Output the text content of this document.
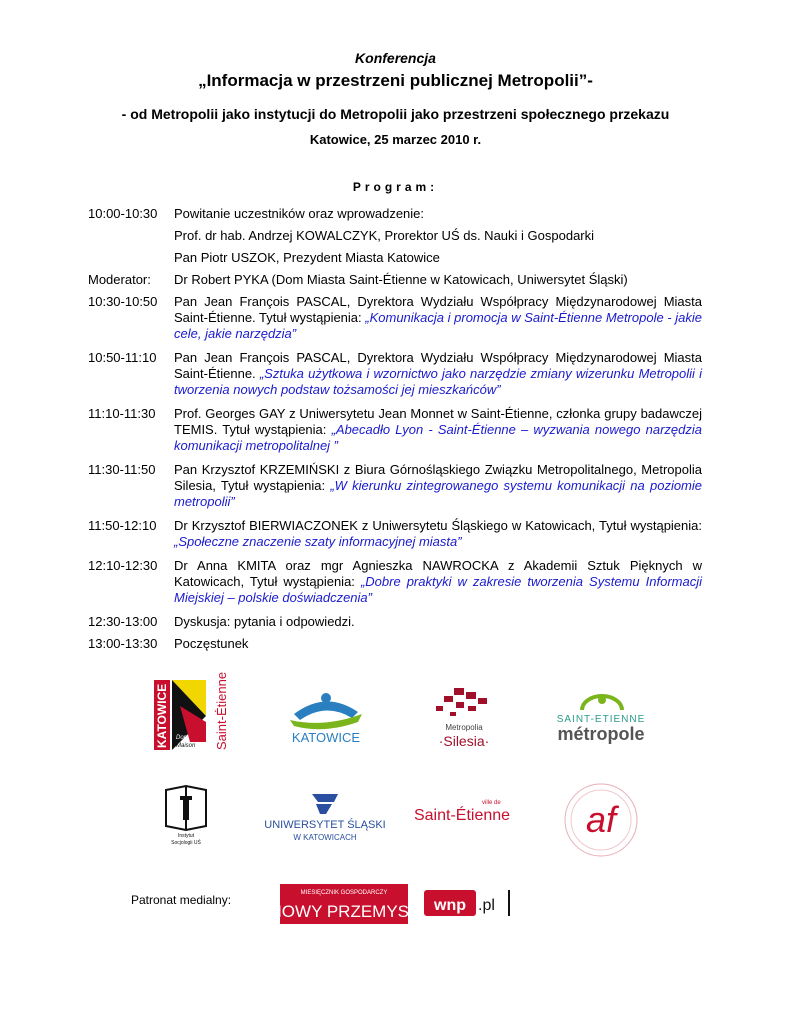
Konferencja
„Informacja w przestrzeni publicznej Metropolii”-
- od Metropolii jako instytucji do Metropolii jako przestrzeni społecznego przekazu
Katowice, 25 marzec 2010 r.
Program:
10:00-10:30	Powitanie uczestników oraz wprowadzenie:
Prof. dr hab. Andrzej KOWALCZYK, Prorektor UŚ ds. Nauki i Gospodarki
Pan Piotr USZOK, Prezydent Miasta Katowice
Moderator:	Dr Robert PYKA (Dom Miasta Saint-Étienne w Katowicach, Uniwersytet Śląski)
10:30-10:50	Pan Jean François PASCAL, Dyrektora Wydziału Współpracy Międzynarodowej Miasta Saint-Étienne. Tytuł wystąpienia: „Komunikacja i promocja w Saint-Étienne Metropole - jakie cele, jakie narzędzia”
10:50-11:10	Pan Jean François PASCAL, Dyrektora Wydziału Współpracy Międzynarodowej Miasta Saint-Étienne. „Sztuka użytkowa i wzornictwo jako narzędzie zmiany wizerunku Metropolii i tworzenia nowych podstaw tożsamości jej mieszkańców”
11:10-11:30	Prof. Georges GAY z Uniwersytetu Jean Monnet w Saint-Étienne, członka grupy badawczej TEMIS. Tytuł wystąpienia: „Abecadło Lyon - Saint-Étienne – wyzwania nowego narzędzia komunikacji metropolitalnej ”
11:30-11:50	Pan Krzysztof KRZEMIŃSKI z Biura Górnośląskiego Związku Metropolitalnego, Metropolia Silesia, Tytuł wystąpienia: „W kierunku zintegrowanego systemu komunikacji na poziomie metropolii”
11:50-12:10	Dr Krzysztof BIERWIACZONEK z Uniwersytetu Śląskiego w Katowicach, Tytuł wystąpienia: „Społeczne znaczenie szaty informacyjnej miasta”
12:10-12:30	Dr Anna KMITA oraz mgr Agnieszka NAWROCKA z Akademii Sztuk Pięknych w Katowicach, Tytuł wystąpienia: „Dobre praktyki w zakresie tworzenia Systemu Informacji Miejskiej – polskie doświadczenia”
12:30-13:00	Dyskusja: pytania i odpowiedzi.
13:00-13:30	Poczęstunek
KATOWICE Dom
Maison Saint-Étienne	KATOWICE
Metropolia
·Silesia·
SAINT-ETIENNE
métropole
Instytut
Socjologii UŚ
UNIWERSYTET ŚLĄSKI
W KATOWICACH
ville de
Saint-Étienne af
Patronat medialny:	MIESIĘCZNIK GOSPODARCZY
NOWY PRZEMYSŁ wnp .pl
